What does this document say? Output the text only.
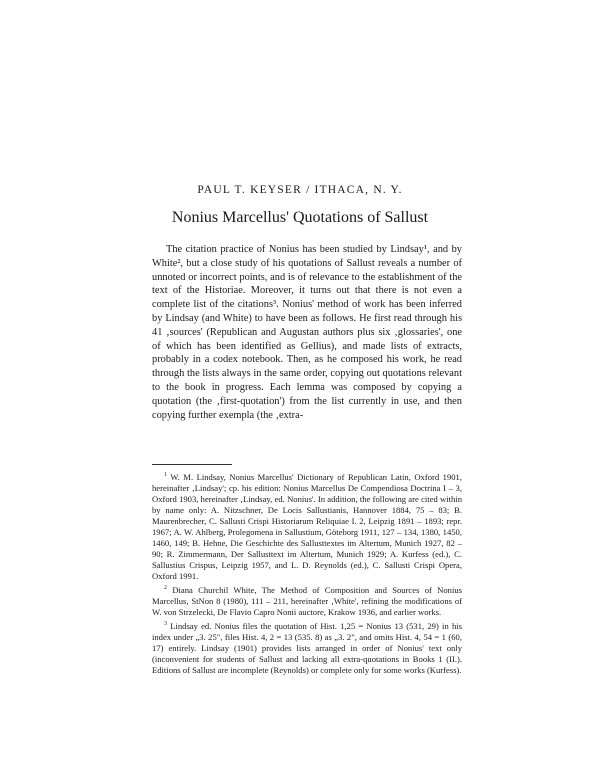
PAUL T. KEYSER / ITHACA, N. Y.
Nonius Marcellus' Quotations of Sallust

The citation practice of Nonius has been studied by Lindsay¹, and by White², but a close study of his quotations of Sallust reveals a number of unnoted or incorrect points, and is of relevance to the establishment of the text of the Historiae. Moreover, it turns out that there is not even a complete list of the citations³. Nonius' method of work has been inferred by Lindsay (and White) to have been as follows. He first read through his 41 ‚sources' (Republican and Augustan authors plus six ‚glossaries', one of which has been identified as Gellius), and made lists of extracts, probably in a codex notebook. Then, as he composed his work, he read through the lists always in the same order, copying out quotations relevant to the book in progress. Each lemma was composed by copying a quotation (the ‚first-quotation') from the list currently in use, and then copying further exempla (the ‚extra-

$^1$ W. M. Lindsay, Nonius Marcellus' Dictionary of Republican Latin, Oxford 1901, hereinafter ‚Lindsay'; cp. his edition: Nonius Marcellus De Compendiosa Doctrina I – 3, Oxford 1903, hereinafter ‚Lindsay, ed. Nonius'. In addition, the following are cited within by name only: A. Nitzschner, De Locis Sallustianis, Hannover 1884, 75 – 83; B. Maurenbrecher, C. Sallusti Crispi Historiarum Reliquiae I. 2, Leipzig 1891 – 1893; repr. 1967; A. W. Ahlberg, Prolegomena in Sallustium, Göteborg 1911, 127 – 134, 1380, 1450, 1460, 149; B. Hehne, Die Geschichte des Sallusttextes im Altertum, Munich 1927, 82 – 90; R. Zimmermann, Der Sallusttext im Altertum, Munich 1929; A. Kurfess (ed.), C. Sallustius Crispus, Leipzig 1957, and L. D. Reynolds (ed.), C. Sallusti Crispi Opera, Oxford 1991.

$^2$ Diana Churchil White, The Method of Composition and Sources of Nonius Marcellus, StNon 8 (1980), 111 – 211, hereinafter ‚White', refining the modifications of W. von Strzelecki, De Flavio Capro Nonii auctore, Krakow 1936, and earlier works.

$^3$ Lindsay ed. Nonius files the quotation of Hist. 1,25 = Nonius 13 (531, 29) in his index under „3. 25", files Hist. 4, 2 = 13 (535. 8) as „3. 2", and omits Hist. 4, 54 = 1 (60, 17) entirely. Lindsay (1901) provides lists arranged in order of Nonius' text only (inconvenient for students of Sallust and lacking all extra-quotations in Books 1 (II.). Editions of Sallust are incomplete (Reynolds) or complete only for some works (Kurfess).
